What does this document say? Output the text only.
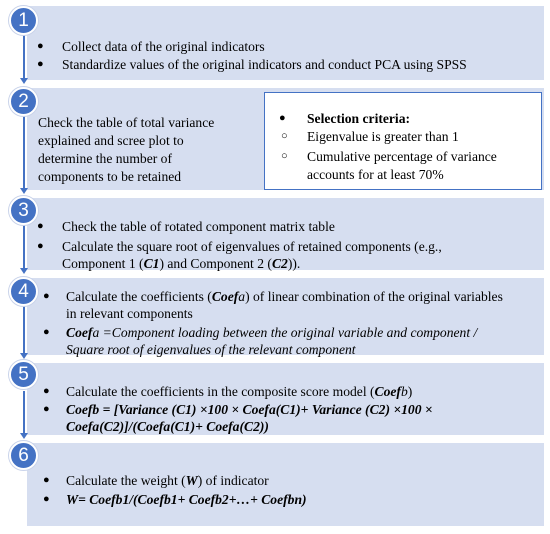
1
2
3
4
5
6
● Collect data of the original indicators
● Standardize values of the original indicators and conduct PCA using SPSS
Check the table of total variance
explained and scree plot to
determine the number of
components to be retained
● Selection criteria:
○ Eigenvalue is greater than 1
○ Cumulative percentage of variance
accounts for at least 70%
● Check the table of rotated component matrix table
● Calculate the square root of eigenvalues of retained components (e.g.,
Component 1 (C1) and Component 2 (C2)).
● Calculate the coefficients (Coefa) of linear combination of the original variables
in relevant components
● Coefa =Component loading between the original variable and component /
Square root of eigenvalues of the relevant component
● Calculate the coefficients in the composite score model (Coefb)
● Coefb = [Variance (C1) ×100 × Coefa(C1)+ Variance (C2) ×100 ×
Coefa(C2)]/(Coefa(C1)+ Coefa(C2))
● Calculate the weight (W) of indicator
● W= Coefb1/(Coefb1+ Coefb2+…+ Coefbn)
